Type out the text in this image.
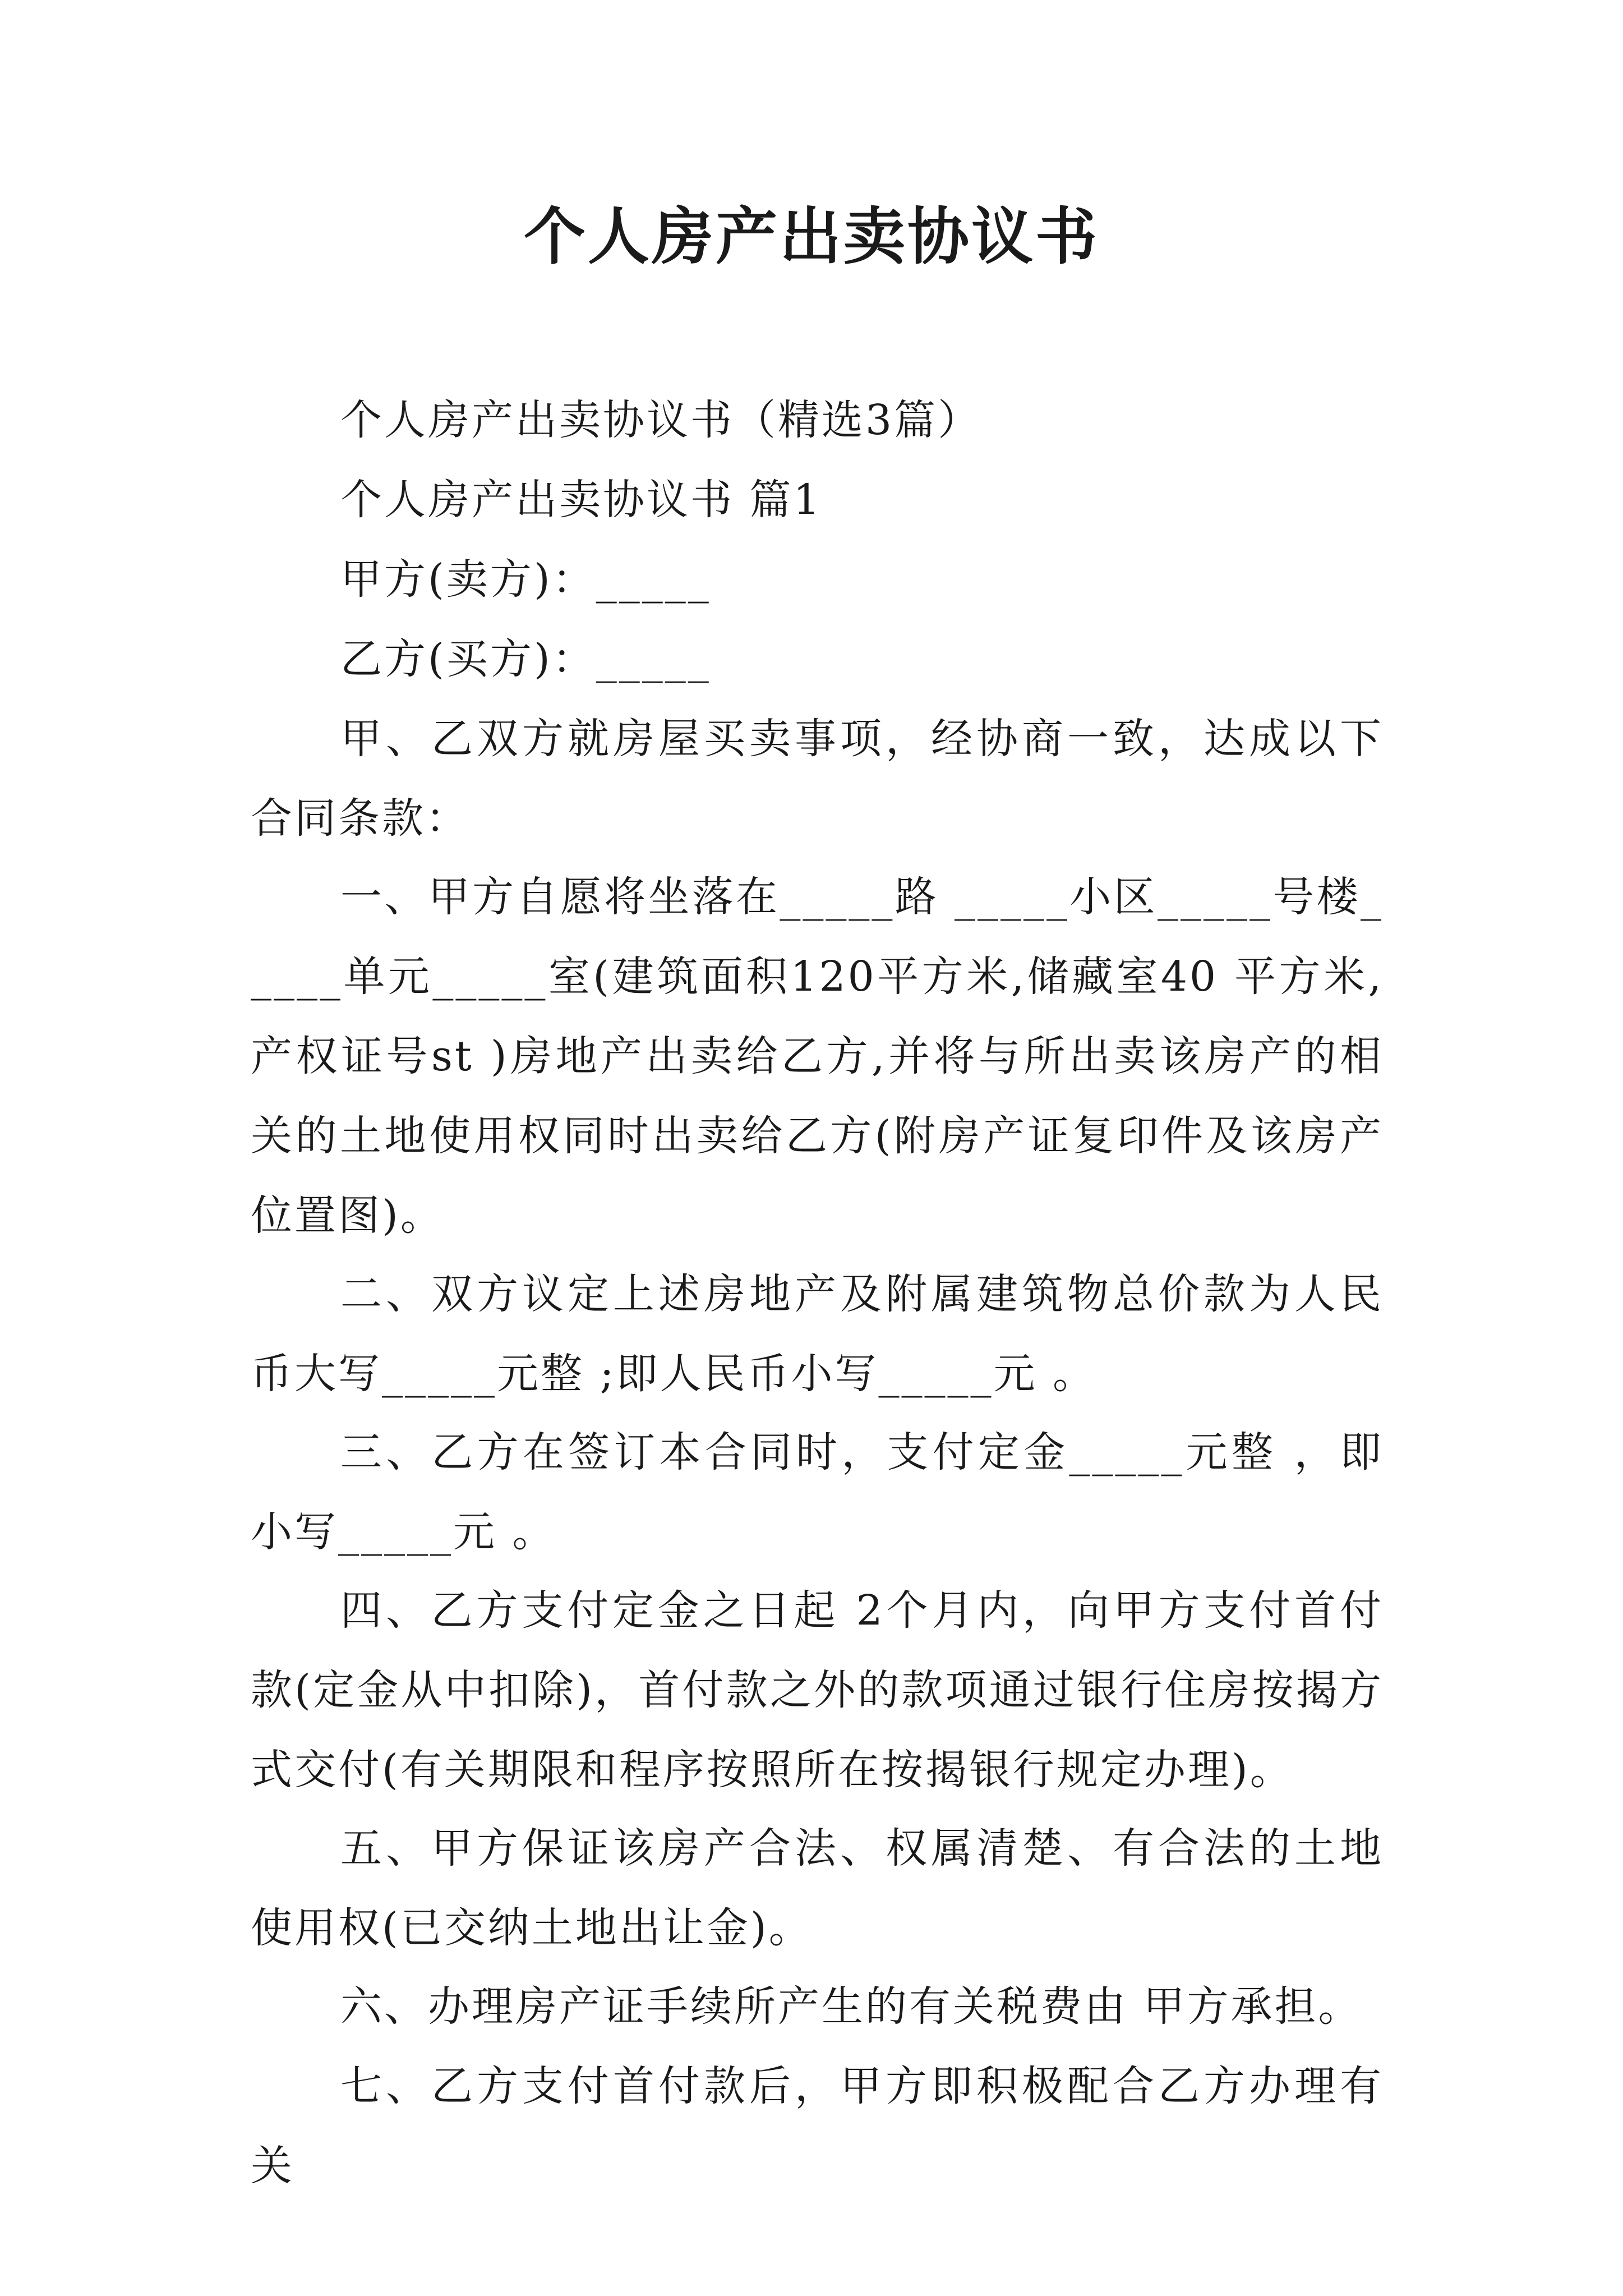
个人房产出卖协议书

个人房产出卖协议书（精选3篇）

个人房产出卖协议书 篇1

甲方(卖方)：_____

乙方(买方)：_____

甲、乙双方就房屋买卖事项，经协商一致，达成以下合同条款：

一、甲方自愿将坐落在_____路 _____小区_____号楼_____单元_____室(建筑面积120平方米,储藏室40 平方米,产权证号st )房地产出卖给乙方,并将与所出卖该房产的相关的土地使用权同时出卖给乙方(附房产证复印件及该房产位置图)。

二、双方议定上述房地产及附属建筑物总价款为人民币大写_____元整 ;即人民币小写_____元 。

三、乙方在签订本合同时，支付定金_____元整 ，即小写_____元 。

四、乙方支付定金之日起 2个月内，向甲方支付首付款(定金从中扣除)，首付款之外的款项通过银行住房按揭方式交付(有关期限和程序按照所在按揭银行规定办理)。

五、甲方保证该房产合法、权属清楚、有合法的土地使用权(已交纳土地出让金)。

六、办理房产证手续所产生的有关税费由 甲方承担。

七、乙方支付首付款后，甲方即积极配合乙方办理有关
